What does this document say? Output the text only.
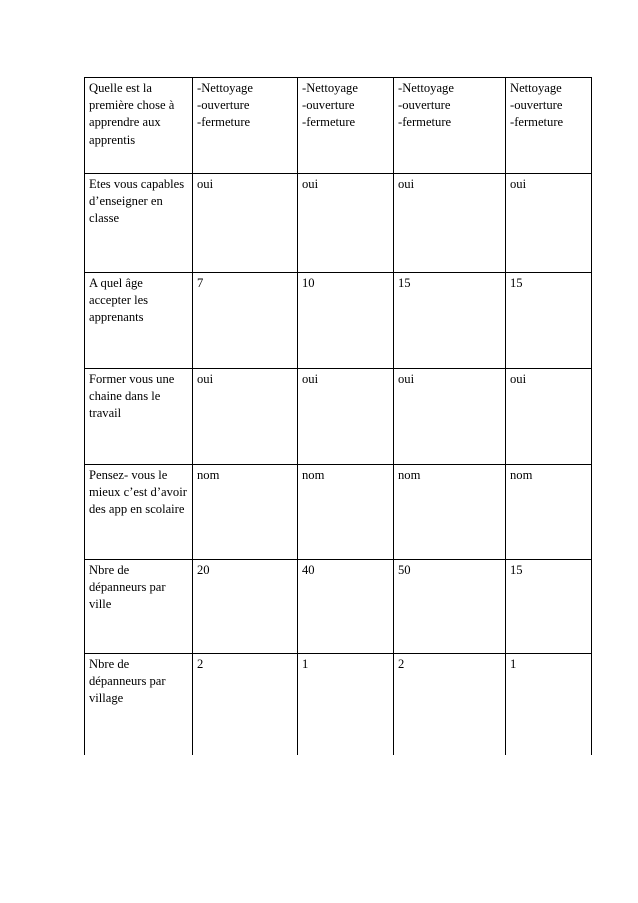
Quelle est la première chose à apprendre aux apprentis	-Nettoyage
-ouverture
-fermeture	-Nettoyage
-ouverture
-fermeture	-Nettoyage
-ouverture
-fermeture	Nettoyage
-ouverture
-fermeture
Etes vous capables d’enseigner en classe	oui	oui	oui	oui
A quel âge accepter les apprenants	7	10	15	15
Former vous une chaine dans le travail	oui	oui	oui	oui
Pensez- vous le mieux c’est d’avoir des app en scolaire	nom	nom	nom	nom
Nbre de dépanneurs par ville	20	40	50	15
Nbre de dépanneurs par village	2	1	2	1
